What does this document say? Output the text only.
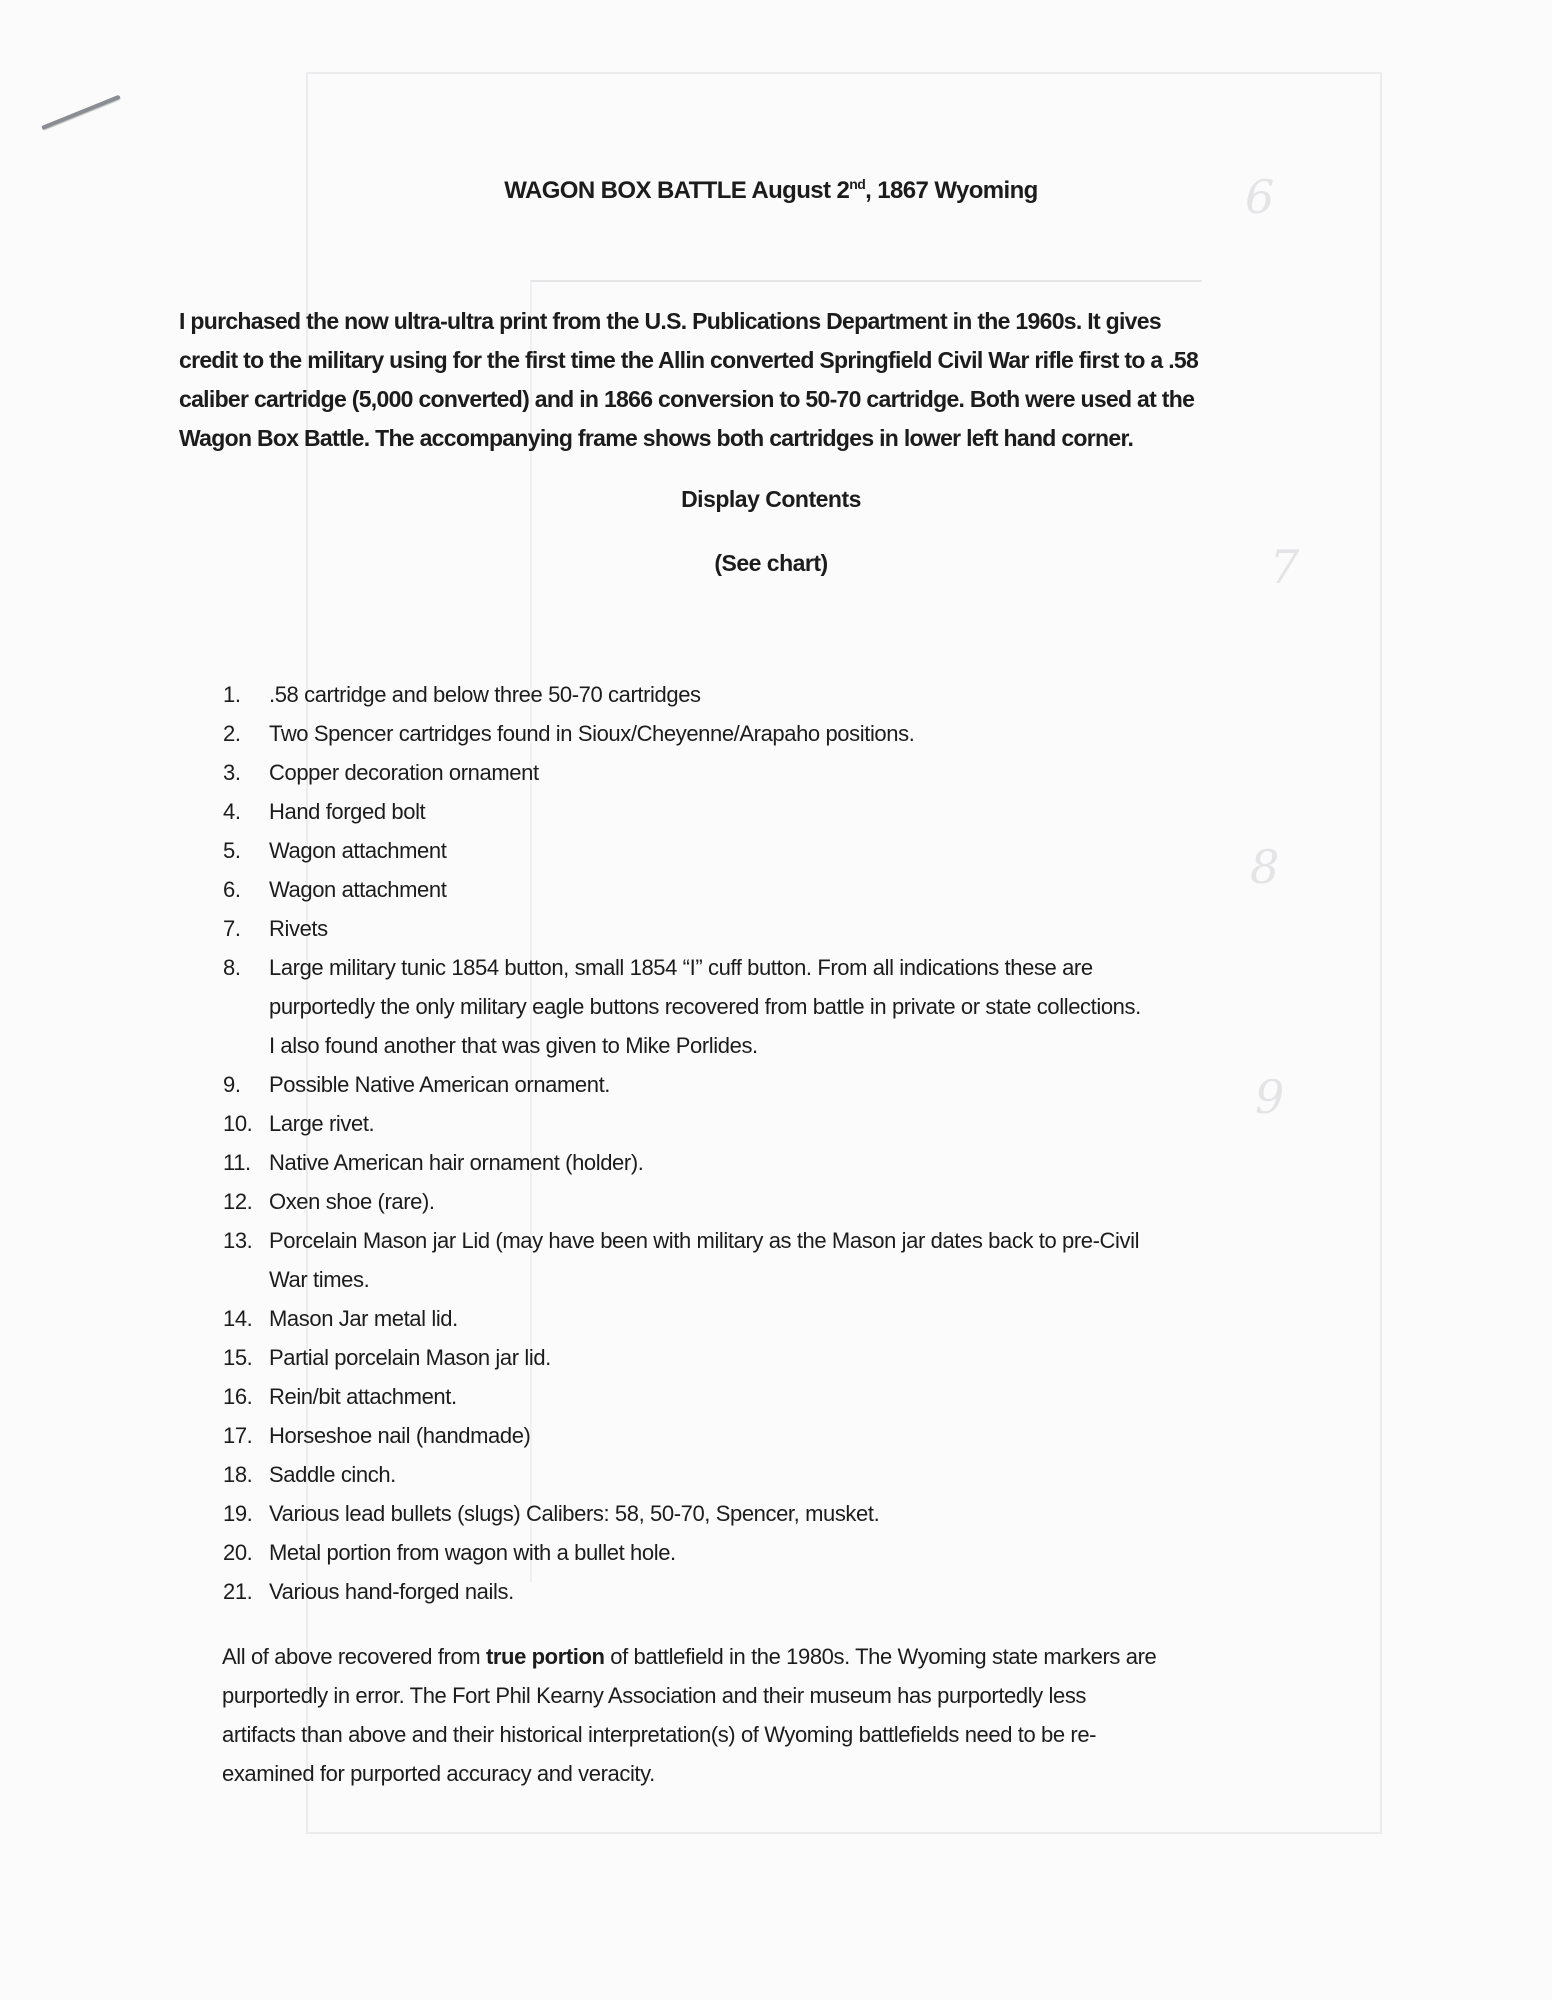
6
7
8
9
WAGON BOX BATTLE August 2nd, 1867 Wyoming
I purchased the now ultra-ultra print from the U.S. Publications Department in the 1960s. It gives
credit to the military using for the first time the Allin converted Springfield Civil War rifle first to a .58
caliber cartridge (5,000 converted) and in 1866 conversion to 50-70 cartridge. Both were used at the
Wagon Box Battle. The accompanying frame shows both cartridges in lower left hand corner.
Display Contents
(See chart)
1.	.58 cartridge and below three 50-70 cartridges
2.	Two Spencer cartridges found in Sioux/Cheyenne/Arapaho positions.
3.	Copper decoration ornament
4.	Hand forged bolt
5.	Wagon attachment
6.	Wagon attachment
7.	Rivets
8.	Large military tunic 1854 button, small 1854 “I” cuff button. From all indications these are
purportedly the only military eagle buttons recovered from battle in private or state collections.
I also found another that was given to Mike Porlides.
9.	Possible Native American ornament.
10. Large rivet.
11. Native American hair ornament (holder).
12. Oxen shoe (rare).
13. Porcelain Mason jar Lid (may have been with military as the Mason jar dates back to pre-Civil
War times.
14. Mason Jar metal lid.
15. Partial porcelain Mason jar lid.
16. Rein/bit attachment.
17. Horseshoe nail (handmade)
18. Saddle cinch.
19. Various lead bullets (slugs) Calibers: 58, 50-70, Spencer, musket.
20. Metal portion from wagon with a bullet hole.
21. Various hand-forged nails.
All of above recovered from true portion of battlefield in the 1980s. The Wyoming state markers are
purportedly in error. The Fort Phil Kearny Association and their museum has purportedly less
artifacts than above and their historical interpretation(s) of Wyoming battlefields need to be re-
examined for purported accuracy and veracity.
